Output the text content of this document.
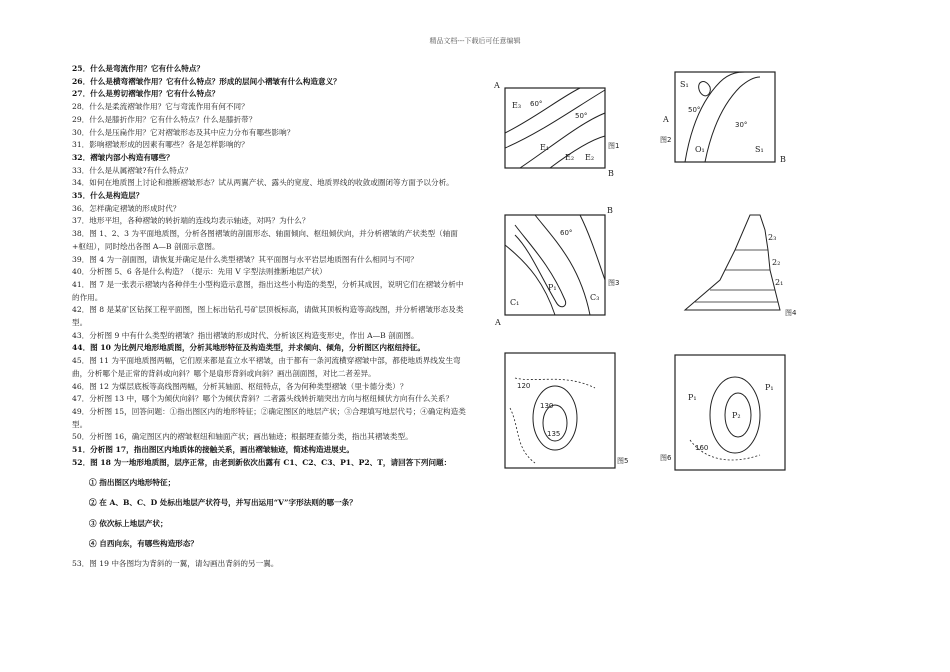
精品文档---下载后可任意编辑

25．什么是弯流作用？它有什么特点？

26．什么是横弯褶皱作用？它有什么特点？形成的层间小褶皱有什么构造意义？

27．什么是剪切褶皱作用？它有什么特点？

28．什么是柔流褶皱作用？它与弯流作用有何不同？

29．什么是膝折作用？它有什么特点？什么是膝折带？

30．什么是压扁作用？它对褶皱形态及其中应力分布有哪些影响？

31．影响褶皱形成的因素有哪些？各是怎样影响的？

32．褶皱内部小构造有哪些？

33．什么是从属褶皱?有什么特点？

34．如何在地质图上讨论和推断褶皱形态？试从两翼产状、露头的宽度、地质界线的收敛或圈闭等方面予以分析。

35．什么是构造层？

36．怎样确定褶皱的形成时代？

37．地形平坦，各种褶皱的转折端的连线均表示轴迹，对吗？为什么？

38．图 1、2、3 为平面地质图，分析各图褶皱的剖面形态、轴面倾向、枢纽倾伏向，并分析褶皱的产状类型（轴面+枢纽），同时绘出各图 A—B 剖面示意图。

39．图 4 为一剖面图，请恢复并确定是什么类型褶皱？其平面图与水平岩层地质图有什么相同与不同？

40．分析图 5、6 各是什么构造？（提示：先用 V 字型法则推断地层产状）

41．图 7 是一张表示褶皱内各种伴生小型构造示意图，指出这些小构造的类型，分析其成因，说明它们在褶皱分析中的作用。

42．图 8 是某矿区钻探工程平面图，图上标出钻孔号矿层顶板标高，请做其顶板构造等高线图，并分析褶皱形态及类型。

43．分析图 9 中有什么类型的褶皱？指出褶皱的形成时代、分析该区构造变形史，作出 A—B 剖面图。

44．图 10 为比例尺地形地质图，分析其地形特征及构造类型，并求倾向、倾角，分析图区内枢纽持征。

45．图 11 为平面地质图两幅，它们原来都是直立水平褶皱，由于都有一条河流横穿褶皱中部，都使地质界线发生弯曲，分析哪个是正常的背斜或向斜？哪个是扇形背斜或向斜？画出剖面图，对比二者差异。

46．图 12 为煤层底板等高线图两幅，分析其轴面、枢纽特点，各为何种类型褶皱（里卡德分类）？

47．分析图 13 中，哪个为倾伏向斜？哪个为倾伏背斜？二者露头线转折端突出方向与枢纽倾伏方向有什么关系？

49．分析图 15，回答问题：①指出图区内的地形特征；②确定图区的地层产状；③合理填写地层代号；④确定构造类型。

50．分析图 16，确定图区内的褶皱枢纽和轴面产状；画出轴迹；根据理查德分类，指出其褶皱类型。

51．分析图 17，指出图区内地质体的接触关系，画出褶皱轴迹，简述构造进展史。

52．图 18 为一地形地质图，层序正常，由老到新依次出露有 C1、C2、C3、P1、P2、T，请回答下列问题：

① 指出图区内地形特征；

② 在 A、B、C、D 处标出地层产状符号，并写出运用“V”字形法则的哪一条？

③ 依次标上地层产状；

④ 自西向东，有哪些构造形态？

53．图 19 中各图均为背斜的一翼，请勾画出背斜的另一翼。

A
B
E₃
E₁
E₂ E₂
60°
50°
图1
A
B
S₁
O₁	S₁
50°
30°
图2
A
B
C₁
P₁
C₃
60°
图3
2₃
2₂
2₁
图4
120
130
135
图5
P₁
P₂
P₁
160
图6
